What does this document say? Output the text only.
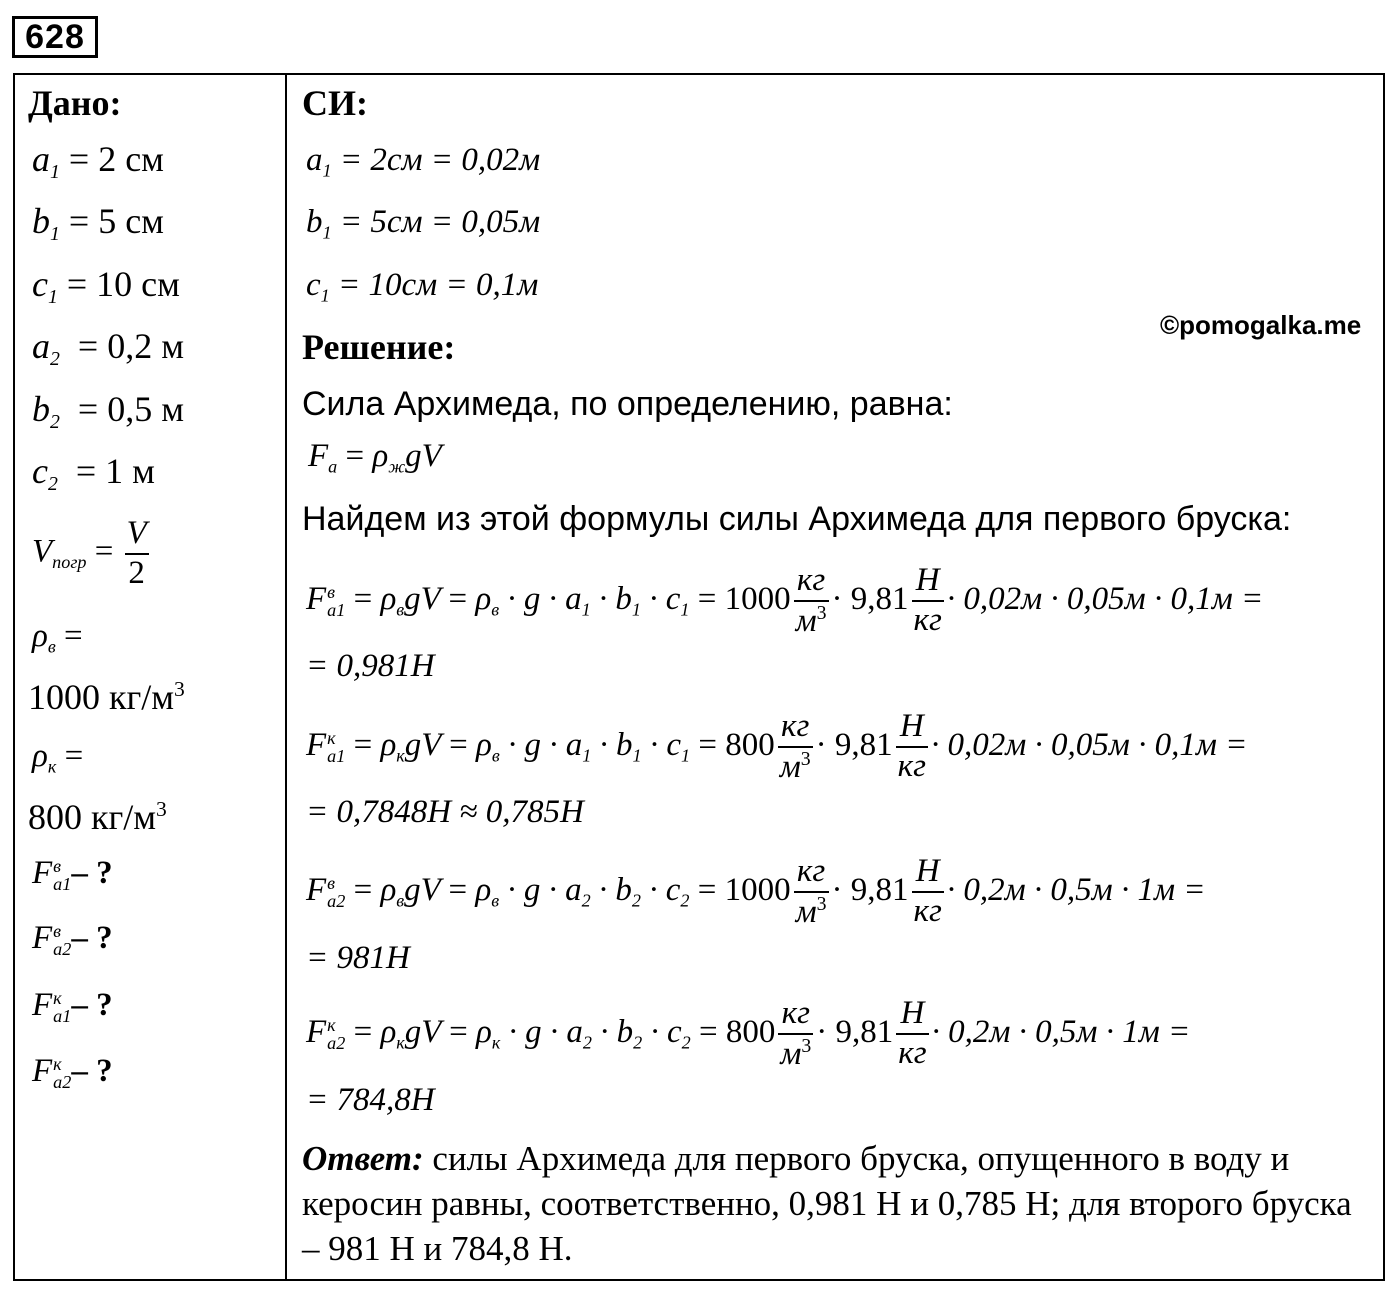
628
Дано:
$a_1 = 2$ см
$b_1 = 5$ см
$c_1 = 10$ см
$a_2 = 0,2$ м
$b_2 = 0,5$ м
$c_2 = 1$ м
$V_{погр} = \frac{V}{2}$
$\rho_в$ =
1000 $кг/м^3$
$\rho_к$ =
800 $кг/м^3$
F в
a1 – ?
F в
a2 – ?
F к
a1 – ?
F к
a2 – ?
СИ:
$a_1 = 2см = 0,02м$
$b_1 = 5см = 0,05м$
$c_1 = 10см = 0,1м$
©pomogalka.me
Решение:
Сила Архимеда, по определению, равна:
$F_a = \rho_жgV$
Найдем из этой формулы силы Архимеда для первого бруска:
F в
$a1 = \rho_вgV = \rho_в \cdot g \cdot a_1 \cdot b_1 \cdot c_1 = 1000 \frac{кг}{м^3} \cdot 9,81 \frac{Н}{кг} \cdot 0,02м \cdot 0,05м \cdot 0,1м$ =
= 0,981Н
F к
$a1 = \rho_кgV = \rho_в \cdot g \cdot a_1 \cdot b_1 \cdot c_1 = 800 \frac{кг}{м^3} \cdot 9,81 \frac{Н}{кг} \cdot 0,02м \cdot 0,05м \cdot 0,1м$ =
= 0,7848Н ≈ 0,785Н
F в
$a2 = \rho_вgV = \rho_в \cdot g \cdot a_2 \cdot b_2 \cdot c_2 = 1000 \frac{кг}{м^3} \cdot 9,81 \frac{Н}{кг} \cdot 0,2м \cdot 0,5м \cdot 1м$ =
= 981Н
F к
$a2 = \rho_кgV = \rho_к \cdot g \cdot a_2 \cdot b_2 \cdot c_2 = 800 \frac{кг}{м^3} \cdot 9,81 \frac{Н}{кг} \cdot 0,2м \cdot 0,5м \cdot 1м$ =
= 784,8Н
Ответ: силы Архимеда для первого бруска, опущенного в воду и керосин равны, соответственно, 0,981 Н и 0,785 Н; для второго бруска – 981 Н и 784,8 Н.
